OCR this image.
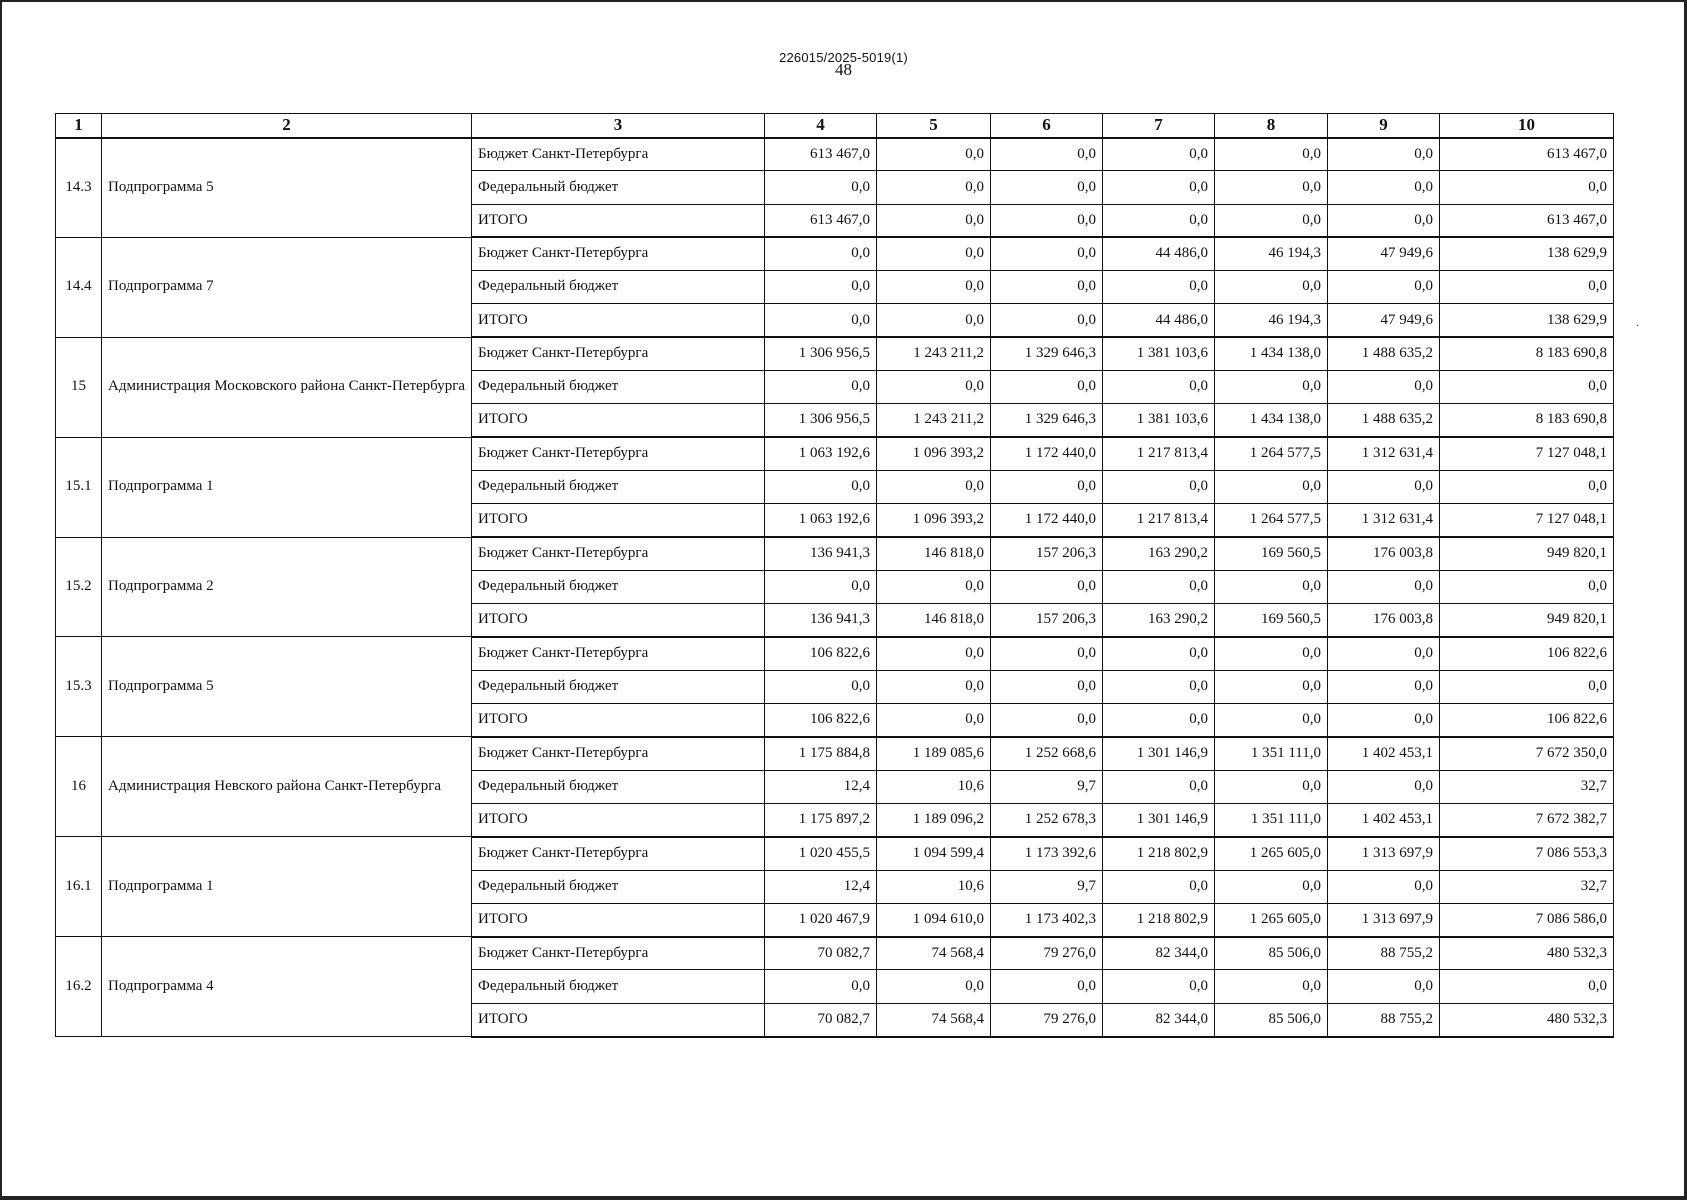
226015/2025-5019(1)
48
·
1	2	3	4	5	6	7	8	9	10
14.3	Подпрограмма 5	Бюджет Санкт-Петербурга	613 467,0	0,0	0,0	0,0	0,0	0,0	613 467,0
		Федеральный бюджет	0,0	0,0	0,0	0,0	0,0	0,0	0,0
		ИТОГО	613 467,0	0,0	0,0	0,0	0,0	0,0	613 467,0
14.4	Подпрограмма 7	Бюджет Санкт-Петербурга	0,0	0,0	0,0	44 486,0	46 194,3	47 949,6	138 629,9
		Федеральный бюджет	0,0	0,0	0,0	0,0	0,0	0,0	0,0
		ИТОГО	0,0	0,0	0,0	44 486,0	46 194,3	47 949,6	138 629,9
15	Администрация Московского района Санкт-Петербурга	Бюджет Санкт-Петербурга	1 306 956,5	1 243 211,2	1 329 646,3	1 381 103,6	1 434 138,0	1 488 635,2	8 183 690,8
		Федеральный бюджет	0,0	0,0	0,0	0,0	0,0	0,0	0,0
		ИТОГО	1 306 956,5	1 243 211,2	1 329 646,3	1 381 103,6	1 434 138,0	1 488 635,2	8 183 690,8
15.1	Подпрограмма 1	Бюджет Санкт-Петербурга	1 063 192,6	1 096 393,2	1 172 440,0	1 217 813,4	1 264 577,5	1 312 631,4	7 127 048,1
		Федеральный бюджет	0,0	0,0	0,0	0,0	0,0	0,0	0,0
		ИТОГО	1 063 192,6	1 096 393,2	1 172 440,0	1 217 813,4	1 264 577,5	1 312 631,4	7 127 048,1
15.2	Подпрограмма 2	Бюджет Санкт-Петербурга	136 941,3	146 818,0	157 206,3	163 290,2	169 560,5	176 003,8	949 820,1
		Федеральный бюджет	0,0	0,0	0,0	0,0	0,0	0,0	0,0
		ИТОГО	136 941,3	146 818,0	157 206,3	163 290,2	169 560,5	176 003,8	949 820,1
15.3	Подпрограмма 5	Бюджет Санкт-Петербурга	106 822,6	0,0	0,0	0,0	0,0	0,0	106 822,6
		Федеральный бюджет	0,0	0,0	0,0	0,0	0,0	0,0	0,0
		ИТОГО	106 822,6	0,0	0,0	0,0	0,0	0,0	106 822,6
16	Администрация Невского района Санкт-Петербурга	Бюджет Санкт-Петербурга	1 175 884,8	1 189 085,6	1 252 668,6	1 301 146,9	1 351 111,0	1 402 453,1	7 672 350,0
		Федеральный бюджет	12,4	10,6	9,7	0,0	0,0	0,0	32,7
		ИТОГО	1 175 897,2	1 189 096,2	1 252 678,3	1 301 146,9	1 351 111,0	1 402 453,1	7 672 382,7
16.1	Подпрограмма 1	Бюджет Санкт-Петербурга	1 020 455,5	1 094 599,4	1 173 392,6	1 218 802,9	1 265 605,0	1 313 697,9	7 086 553,3
		Федеральный бюджет	12,4	10,6	9,7	0,0	0,0	0,0	32,7
		ИТОГО	1 020 467,9	1 094 610,0	1 173 402,3	1 218 802,9	1 265 605,0	1 313 697,9	7 086 586,0
16.2	Подпрограмма 4	Бюджет Санкт-Петербурга	70 082,7	74 568,4	79 276,0	82 344,0	85 506,0	88 755,2	480 532,3
		Федеральный бюджет	0,0	0,0	0,0	0,0	0,0	0,0	0,0
		ИТОГО	70 082,7	74 568,4	79 276,0	82 344,0	85 506,0	88 755,2	480 532,3
